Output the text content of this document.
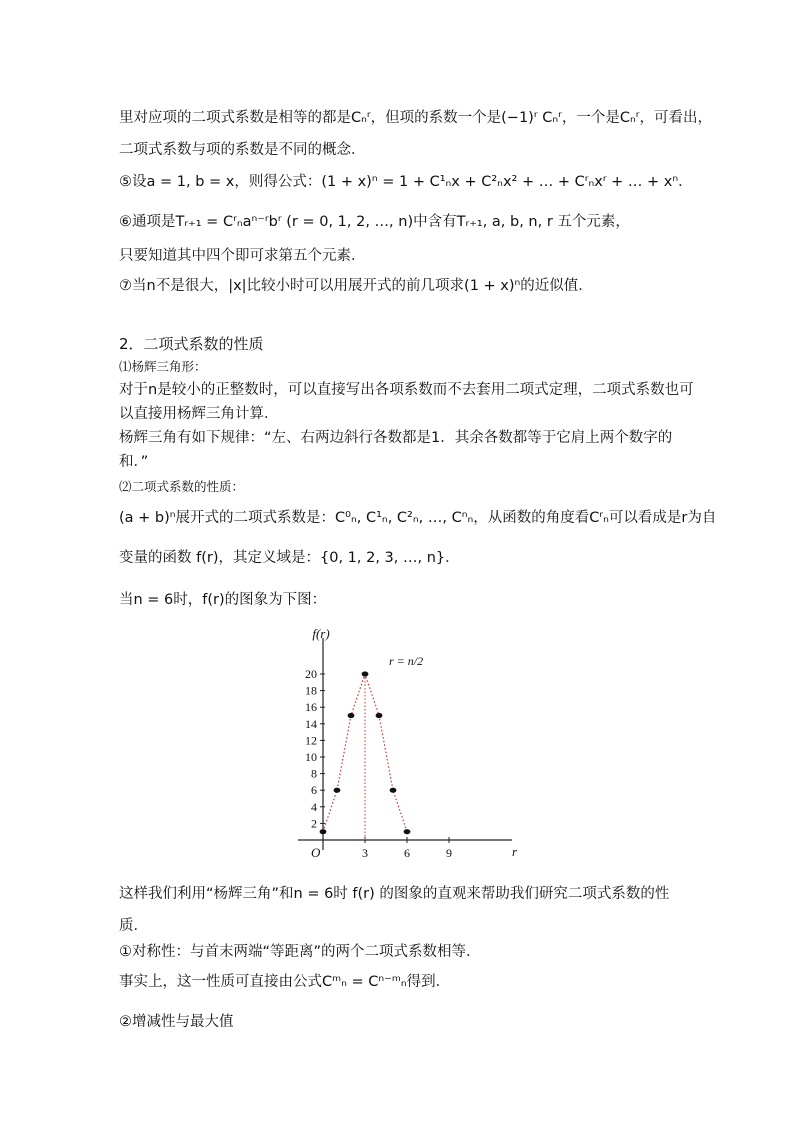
里对应项的二项式系数是相等的都是Cₙʳ，但项的系数一个是(−1)ʳ Cₙʳ，一个是Cₙʳ，可看出，
二项式系数与项的系数是不同的概念．
⑤设a = 1, b = x，则得公式：(1 + x)ⁿ = 1 + C¹ₙx + C²ₙx² + … + Cʳₙxʳ + … + xⁿ．
⑥通项是Tᵣ₊₁ = Cʳₙaⁿ⁻ʳbʳ (r = 0, 1, 2, …, n)中含有Tᵣ₊₁, a, b, n, r 五个元素，
只要知道其中四个即可求第五个元素．
⑦当n不是很大，|x|比较小时可以用展开式的前几项求(1 + x)ⁿ的近似值．
2．二项式系数的性质
⑴杨辉三角形：
对于n是较小的正整数时，可以直接写出各项系数而不去套用二项式定理，二项式系数也可
以直接用杨辉三角计算．
杨辉三角有如下规律：“左、右两边斜行各数都是1．其余各数都等于它肩上两个数字的
和．”
⑵二项式系数的性质：
(a + b)ⁿ展开式的二项式系数是：C⁰ₙ, C¹ₙ, C²ₙ, …, Cⁿₙ，从函数的角度看Cʳₙ可以看成是r为自
变量的函数 f(r)，其定义域是：{0, 1, 2, 3, …, n}．
当n = 6时，f(r)的图象为下图：
2
4
6
8
10
12
14
16
18
20
3	6	9	r
f(r)
O
r = n/2
这样我们利用“杨辉三角”和n = 6时 f(r) 的图象的直观来帮助我们研究二项式系数的性
质．
①对称性：与首末两端“等距离”的两个二项式系数相等．
事实上，这一性质可直接由公式Cᵐₙ = Cⁿ⁻ᵐₙ得到．
②增减性与最大值
